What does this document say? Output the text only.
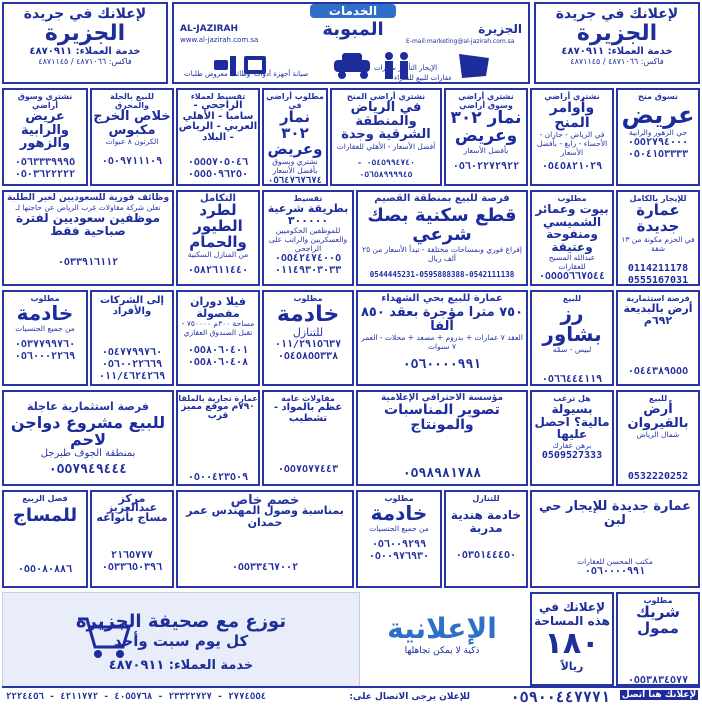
لإعلانك في جريدة
الجزيرة
خدمة العملاء: ٤٨٧٠٩١١
فاكس: ٤٨٧١٠٦٦ / ٤٨٧١١٤٥
AL-JAZIRAH
www.al-jazirah.com.sa
الخدمات
المبوبة
E-mail:marketing@al-jazirah.com.sa
الجزيرة
وظائف معروض طلبات صيانة أجهزة أدوات
الإيجار التأجير سيارات
عقارات للبيع للشراء
لإعلانك في جريدة
الجزيرة
خدمة العملاء: ٤٨٧٠٩١١
فاكس: ٤٨٧١٠٦٦ / ٤٨٧١١٤٥
نسوق منح
عريض
حي الزهور والرابية
٠٥٥٢٧٩٤٠٠٠
٠٥٠٤١٥٣٣٣٣
نشتري أراضي
وأوامر المنح
في الرياض - جازان - الأحساء - رابغ - بأفضل الأسعار
٠٥٤٥٨٢١٠٢٩
نشتري أراضي وسوق أراضي
نمار ٣٠٢ وعريض
بأفضل الأسعار
٠٥٦٠٢٢٧٢٩٢٢
نشتري أراضي المنح
في الرياض والمنطقة الشرقية وجدة
أفضل الأسعار - الأهلي للعقارات
٠٥٤٥٩٩٤٧٤٠ - ٠٥٦٥٨٩٩٩٩٤٥
مطلوب أراضي في
نمار ٣٠٢ وعريض
نشتري وبسوق بأفضل الأسعار
٠٥٦٤٧٦٧٦٧٤
تقسيط لعملاء
الراجحي - سامبا - الأهلي العربي - الرياض - البلاد
٠٥٥٥٧٠٥٠٤٦
٠٥٥٥٠٩٦٢٥٠
للبيع بالحلة والمخرق
خلاص الخرج مكبوس
الكرتون ٨ عبوات
٠٥٠٩٧١١١٠٩
نشتري وسوق أراضي
عريض والرابية والزهور
٠٥٦٣٣٣٩٩٩٥
٠٥٠٣٦٢٢٢٢٢
للإيجار بالكامل
عمارة جديدة
في الحزم مكونة من ١٣ شقة
0114211178
0555167031
مطلوب
بيوت وعمائر الشميسي ومنفوحة وعتيقة
عبدالله المسيح للعقارات
٠٥٥٥٥٦٦٧٥٤٤
فرصة للبيع بمنطقة القصيم
قطع سكنية بصك شرعي
إفراغ فوري وبمساحات مختلفة - تبدأ الأسعار من ٢٥ ألف ريال
0544445231-0595888388-0542111138
تقسيط
بطريقة شرعية ٣٠٠٠٠٠
للموظفين الحكوميين والعسكريين والراتب على الراجحي
٠٥٥٤٢٤٧٤٠٠٥
٠١١٤٩٣٠٣٠٣٣
التكامل
لطرد الطيور والحمام
من المنازل السكنية
٠٥٨٢٦١١٤٤٠
وظائف فورية للسعوديين لغير الطلبة
تعلن شركة مقاولات غرب الرياض عن حاجتها لـ
موظفين سعوديين لفترة صباحية فقط
٠٥٣٣٩١٦١١٢
فرصة استثمارية
أرض بالبديعة ٦٩٢م
٠٥٤٤٣٨٩٥٥٥
للبيع
رز بشاور
لبيس - سمّه
٠٥٦٦٤٤٤١١٩
عمارة للبيع بحي الشهداء
٧٥٠ مترا مؤجرة بعقد ٨٥٠ ألفا
العقد ٧ عمارات + بدروم + مصعد + محلات - العمر ٧ سنوات
٠٥٦٠٠٠٠٩٩١
مطلوب
خادمة
للتنازل
٠١١/٢٩١٥٦٣٧
٠٥٤٥٨٥٥٣٣٨
فيلا دوران مفصولة
مساحة ٣٠٠م ٧٥٠٠٠٠ - تقبل الصندوق العقاري
٠٥٥٨٠٦٠٤٠١
٠٥٥٨٠٦٠٤٠٨
إلى الشركات والأفراد
٠٥٤٧٧٩٩٧٦٠
٠٥٦٠٠٢٢٦٦٩
٠١١/٤٦٢٤٢٦٩
مطلوب
خادمة
من جميع الجنسيات
٠٥٣٧٧٩٩٧٦٠
٠٥٦٠٠٠٢٢٦٩
للبيع
أرض بالقيروان
شمال الرياض
0532220252
هل ترغب
بسيولة مالية؟ احصل عليها
برهن عقارك
0509527333
مؤسسة الاحترافي الإعلامية
تصوير المناسبات والمونتاج
٠٥٩٨٩٨١٧٨٨
مقاولات عامة
عظم بالمواد - تشطيب
٠٥٥٧٥٧٧٤٤٣
عمارة تجارية بالملقا
٧٩٠م موقع مميز قرب
٠٥٠٠٤٢٣٥٠٩
فرصة استثمارية عاجلة
للبيع مشروع دواجن لاحم
بمنطقة الجوف طبرجل
٠٥٥٧٩٤٩٤٤٤
عمارة جديدة للإيجار حي لبن
مكتب المحسن للعقارات
٠٥٦٠٠٠٠٩٩١
للتنازل
خادمة هندية مدربة
٠٥٣٥١٤٤٤٥٠
مطلوب
خادمة
من جميع الجنسيات
٠٥٦٠٠٩٢٩٩
٠٥٠٠٩٧٦٩٣٠
خصم خاص
بمناسبة وصول المهندس عمر حمدان
٠٥٥٣٣٤٦٧٠٠٢
مركز عبدالعزيز
مساج بأنواعه
٢١٦٥٧٧٧
٠٥٣٣٦٥٠٣٩٦
فصل الربيع
للمساج
٠٥٥٠٨٠٨٨٦
توزع مع صحيفة الجزيرة
كل يوم سبت وأحد
خدمة العملاء: ٤٨٧٠٩١١
الإعلانية
ذكية لا يمكن تجاهلها
لإعلانك في
هذه المساحة
١٨٠
ريالاً
مطلوب
شريك ممول
٠٥٥٣٨٣٤٥٧٧
لإعلانك هنا اتصل
٠٥٩٠٠٤٤٧٧٧١
للإعلان يرجى الاتصال على:
٢٧٧٤٥٥٤ - ٢٣٣٢٢٧٢٧ - ٤٠٥٥٧٦٨ - ٤٢١١٧٧٢ - ٢٢٢٤٤٥٦
